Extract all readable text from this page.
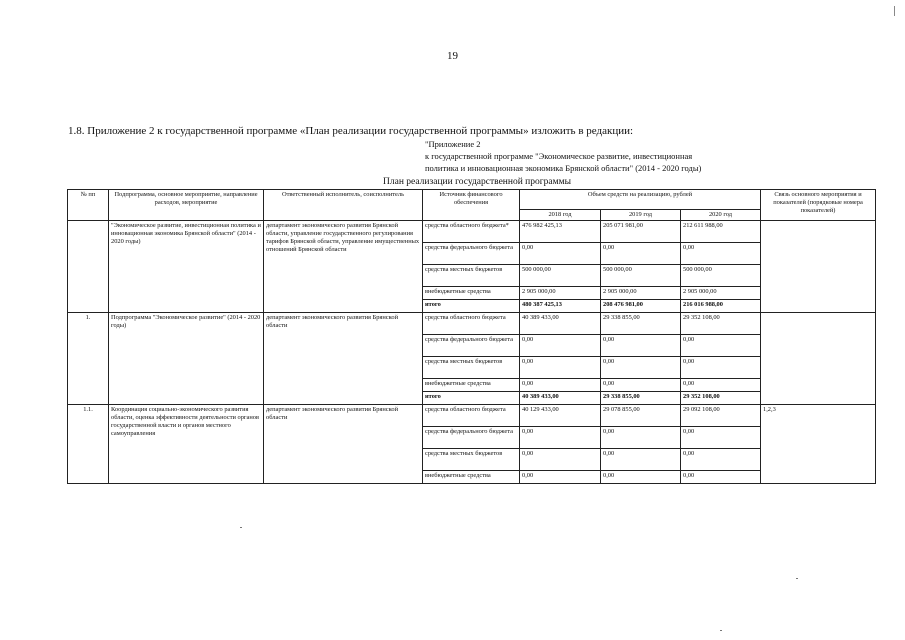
19
1.8. Приложение 2 к государственной программе «План реализации государственной программы» изложить в редакции:
"Приложение 2
к государственной программе "Экономическое развитие, инвестиционная
политика и инновационная экономика Брянской области" (2014 - 2020 годы)
План реализации государственной программы
№ пп	Подпрограмма, основное мероприятие, направление расходов, мероприятие	Ответственный исполнитель, соисполнитель	Источник финансового обеспечения	Объем средств на реализацию, рублей			Связь основного мероприятия и показателей (порядковые номера показателей)
				2018 год	2019 год	2020 год	
	"Экономическое развитие, инвестиционная политика и инновационная экономика Брянской области" (2014 - 2020 годы)	департамент экономического развития Брянской области, управление государственного регулирования тарифов Брянской области, управление имущественных отношений Брянской области	средства областного бюджета*	476 982 425,13	205 071 981,00	212 611 988,00	
			средства федерального бюджета	0,00	0,00	0,00	
			средства местных бюджетов	500 000,00	500 000,00	500 000,00	
			внебюджетные средства	2 905 000,00	2 905 000,00	2 905 000,00	
			итого	480 387 425,13	208 476 981,00	216 016 988,00	
1.	Подпрограмма "Экономическое развитие" (2014 - 2020 годы)	департамент экономического развития Брянской области	средства областного бюджета	40 389 433,00	29 338 855,00	29 352 108,00	
			средства федерального бюджета	0,00	0,00	0,00	
			средства местных бюджетов	0,00	0,00	0,00	
			внебюджетные средства	0,00	0,00	0,00	
			итого	40 389 433,00	29 338 855,00	29 352 108,00	
1.1.	Координация социально-экономического развития области, оценка эффективности деятельности органов государственной власти и органов местного самоуправления	департамент экономического развития Брянской области	средства областного бюджета	40 129 433,00	29 078 855,00	29 092 108,00	1,2,3
			средства федерального бюджета	0,00	0,00	0,00	
			средства местных бюджетов	0,00	0,00	0,00	
			внебюджетные средства	0,00	0,00	0,00	
